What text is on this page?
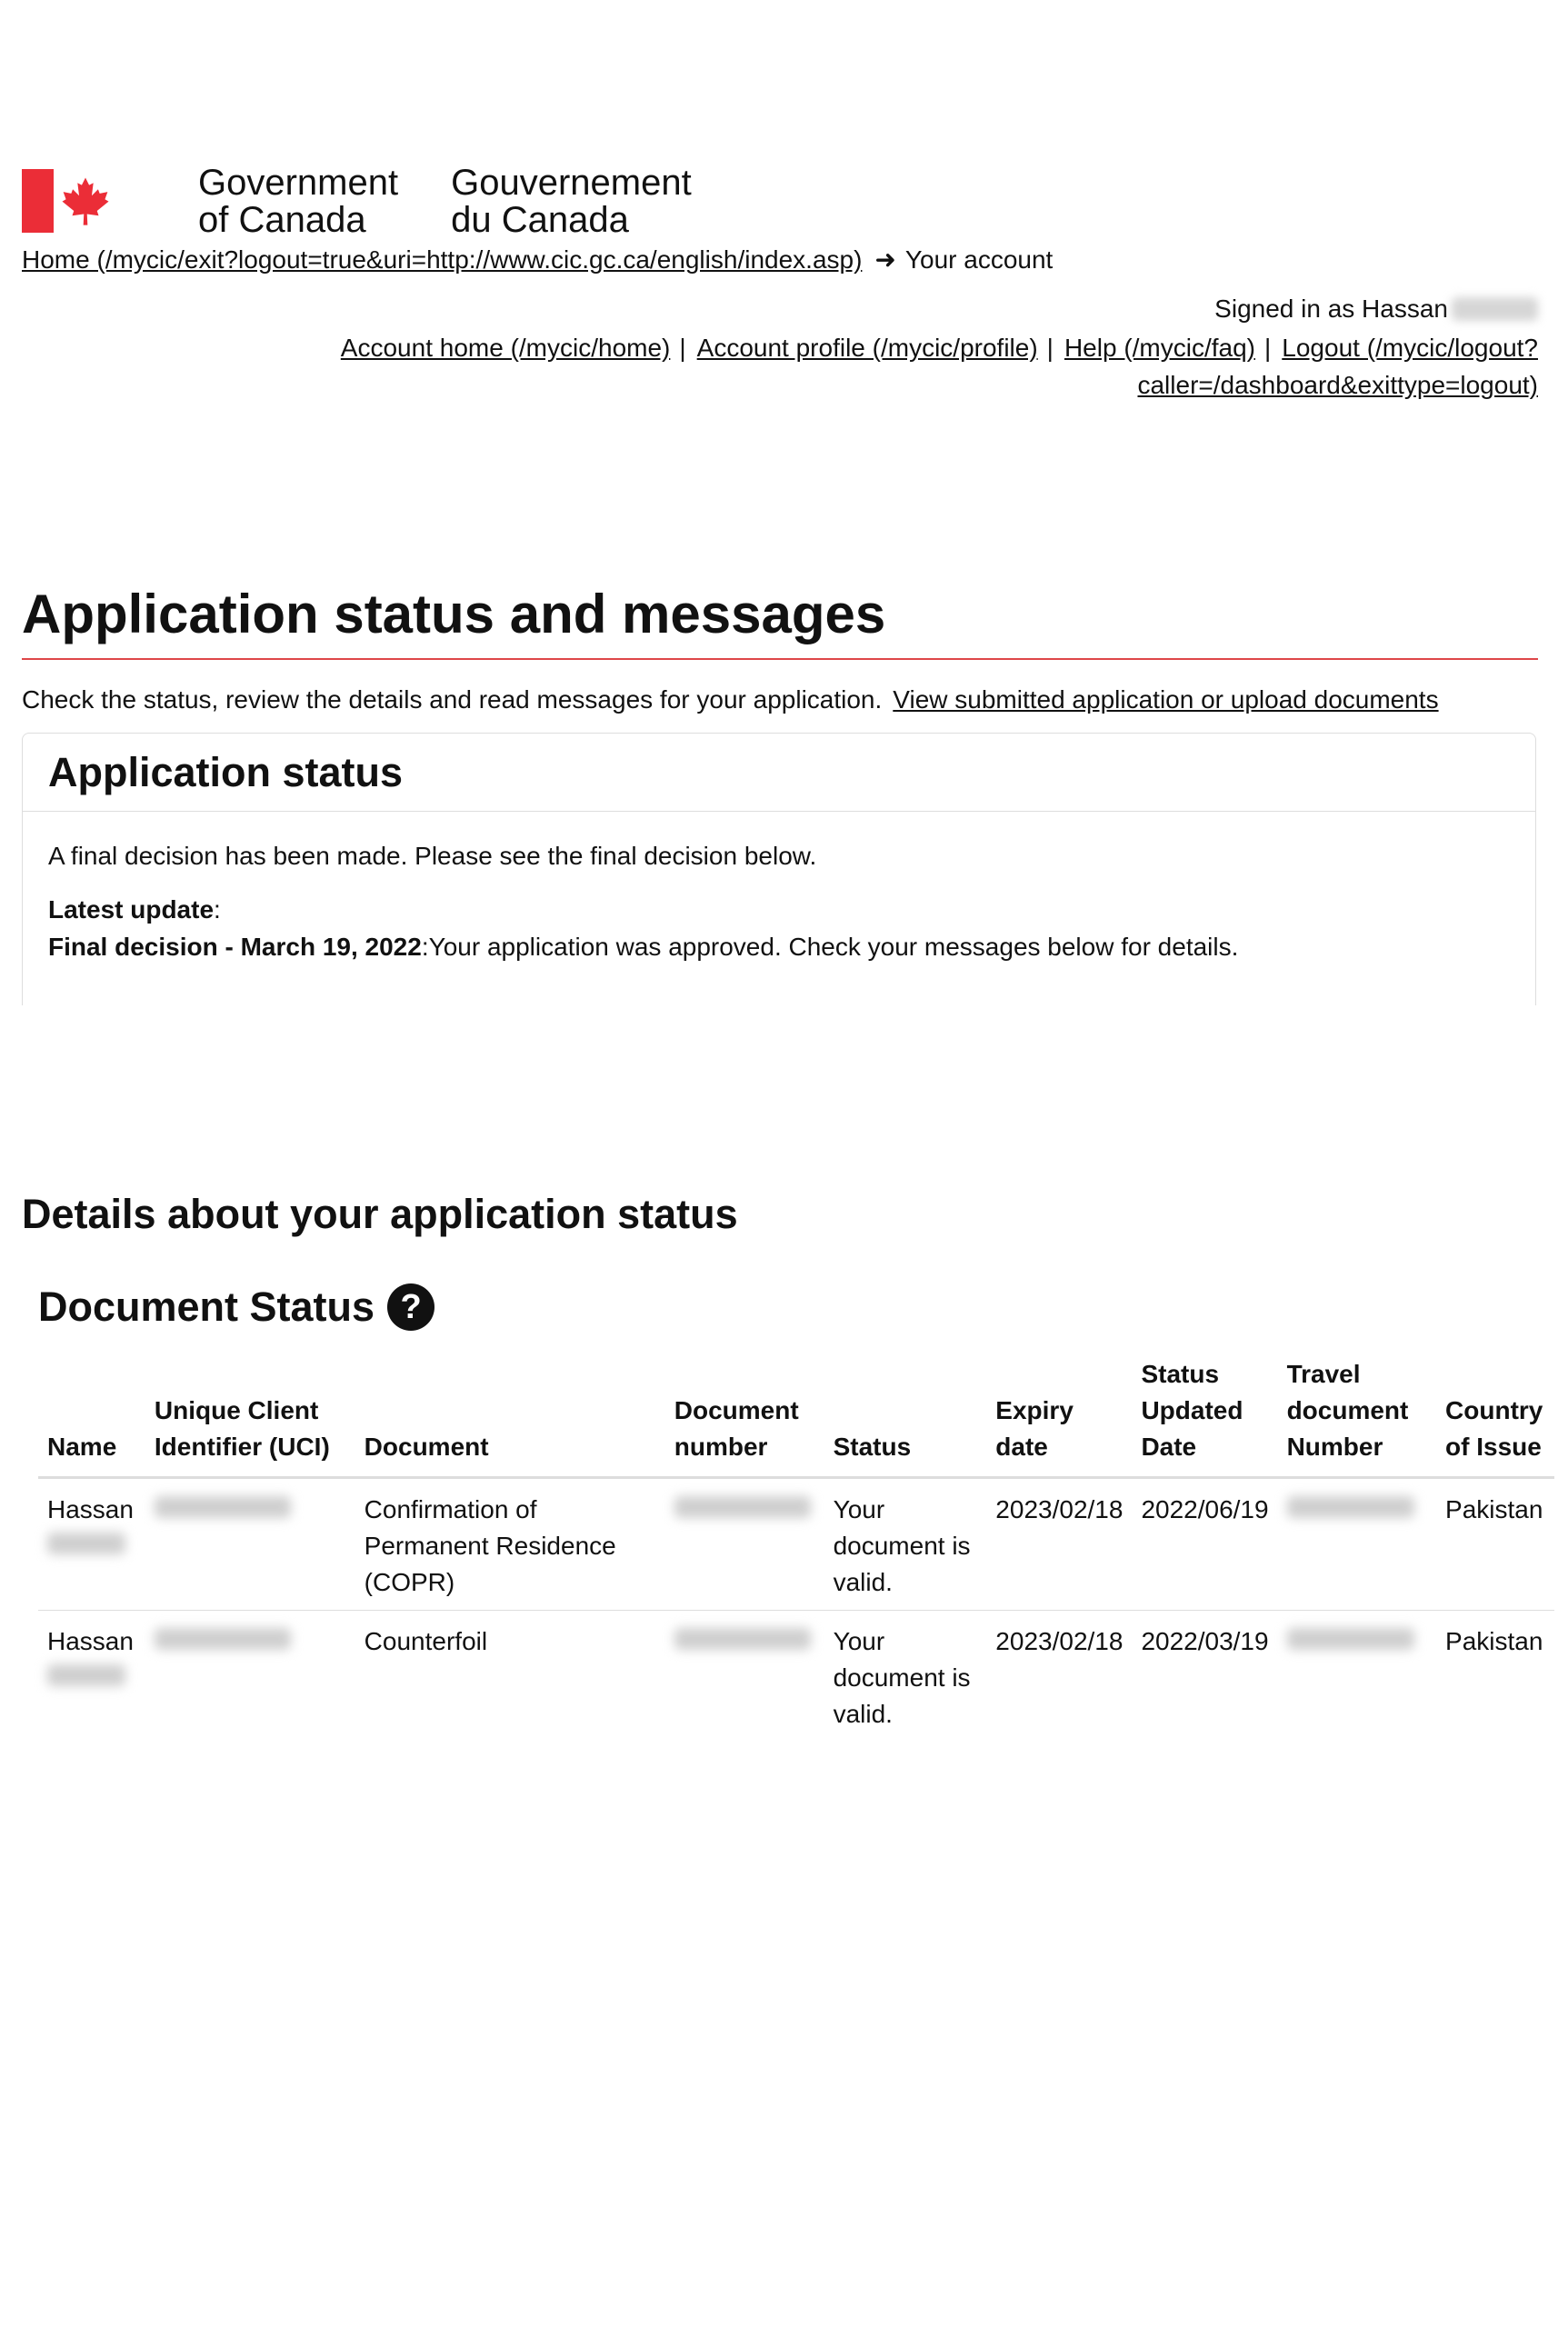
Government
of Canada
Gouvernement
du Canada
Home (/mycic/exit?logout=true&uri=http://www.cic.gc.ca/english/index.asp) ➜ Your account
Signed in as Hassan
Account home (/mycic/home) | Account profile (/mycic/profile) | Help (/mycic/faq) | Logout (/mycic/logout?caller=/dashboard&exittype=logout)
Application status and messages
Check the status, review the details and read messages for your application. View submitted application or upload documents
Application status

A final decision has been made. Please see the final decision below.

Latest update:

Final decision - March 19, 2022:Your application was approved. Check your messages below for details.

Details about your application status
Document Status ?
Name	Unique Client Identifier (UCI)	Document	Document number	Status	Expiry date	Status Updated Date	Travel document Number	Country of Issue

Hassan		Confirmation of Permanent Residence (COPR)		Your document is valid.	2023/02/18	2022/06/19		Pakistan

Hassan		Counterfoil		Your document is valid.	2023/02/18	2022/03/19		Pakistan
